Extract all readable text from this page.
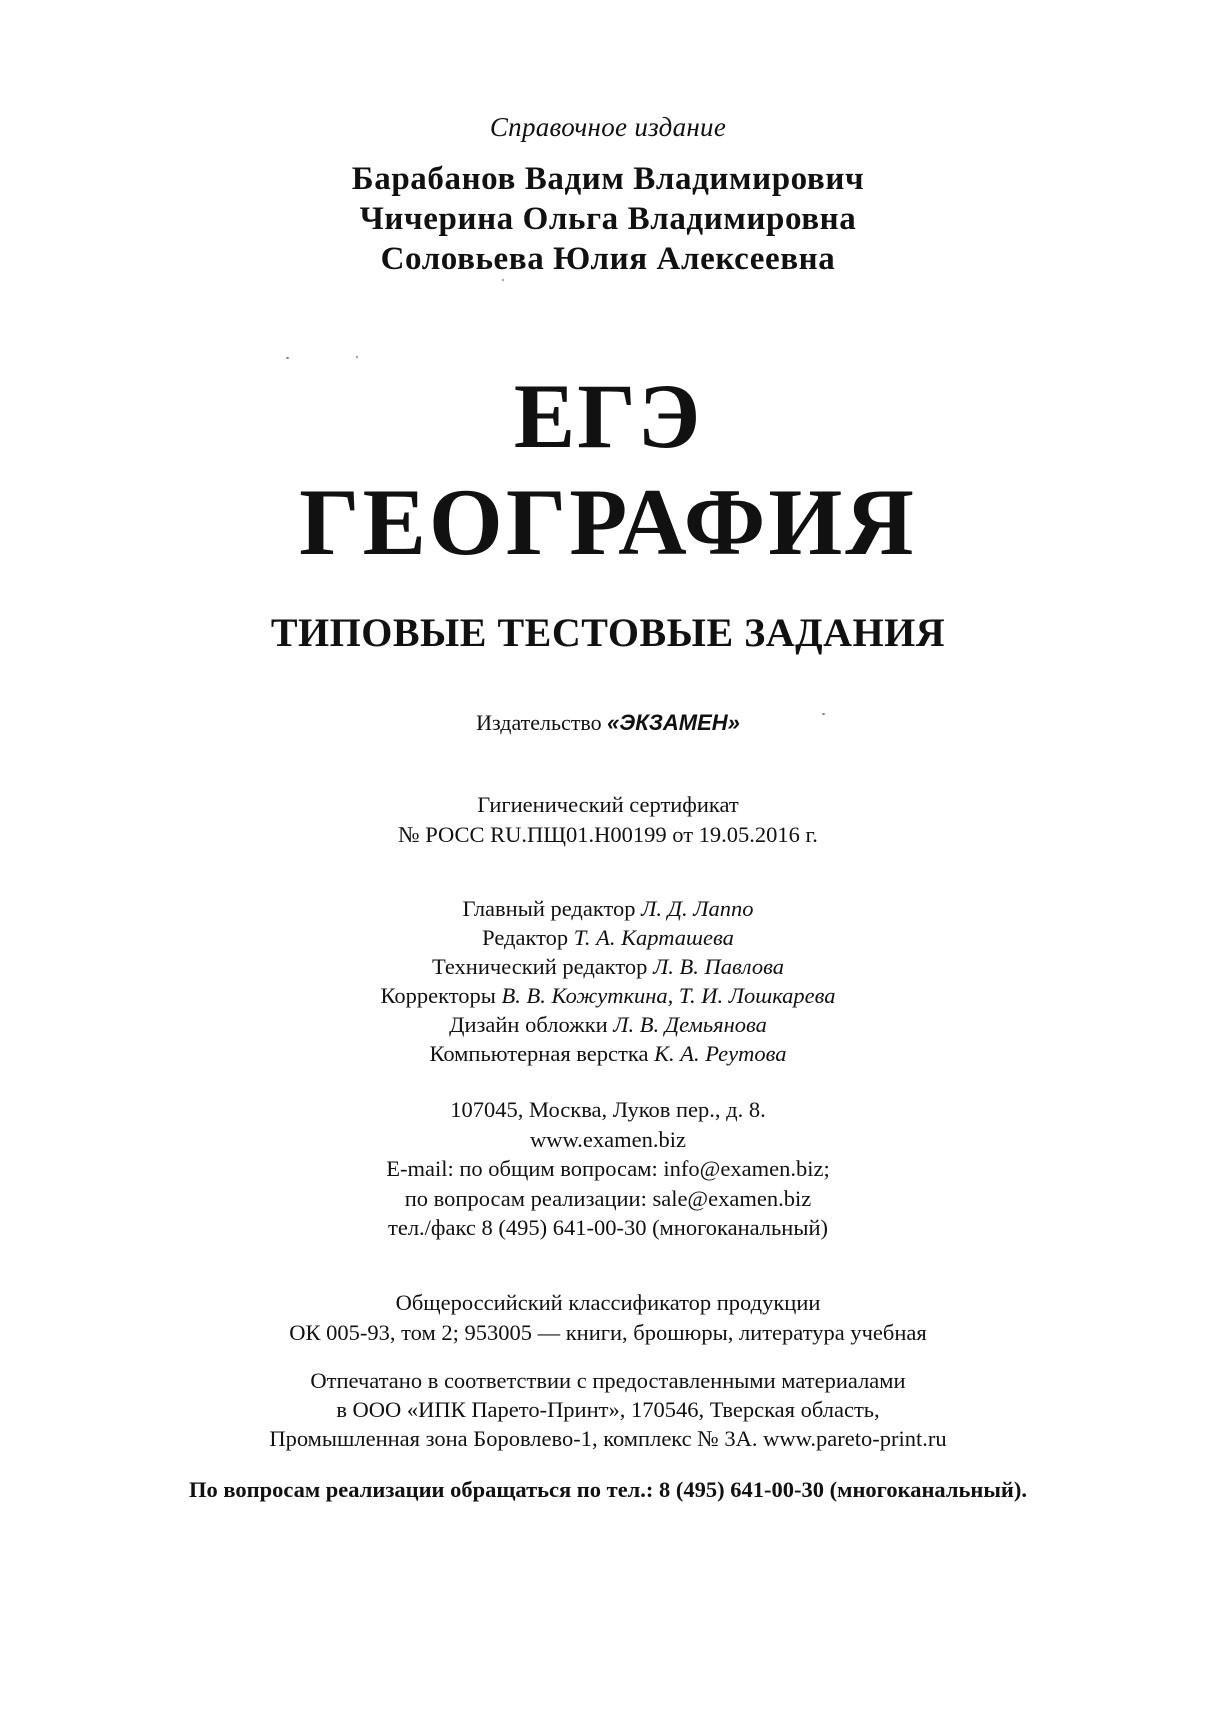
Справочное издание
Барабанов Вадим Владимирович
Чичерина Ольга Владимировна
Соловьева Юлия Алексеевна
ЕГЭ
ГЕОГРАФИЯ
ТИПОВЫЕ ТЕСТОВЫЕ ЗАДАНИЯ
Издательство «ЭКЗАМЕН»
Гигиенический сертификат
№ РОСС RU.ПЩ01.Н00199 от 19.05.2016 г.
Главный редактор Л. Д. Лаппо
Редактор Т. А. Карташева
Технический редактор Л. В. Павлова
Корректоры В. В. Кожуткина, Т. И. Лошкарева
Дизайн обложки Л. В. Демьянова
Компьютерная верстка К. А. Реутова
107045, Москва, Луков пер., д. 8.
www.examen.biz
E-mail: по общим вопросам: info@examen.biz;
по вопросам реализации: sale@examen.biz
тел./факс 8 (495) 641-00-30 (многоканальный)
Общероссийский классификатор продукции
ОК 005-93, том 2; 953005 — книги, брошюры, литература учебная
Отпечатано в соответствии с предоставленными материалами
в ООО «ИПК Парето-Принт», 170546, Тверская область,
Промышленная зона Боровлево-1, комплекс № 3А. www.pareto-print.ru
По вопросам реализации обращаться по тел.: 8 (495) 641-00-30 (многоканальный).
